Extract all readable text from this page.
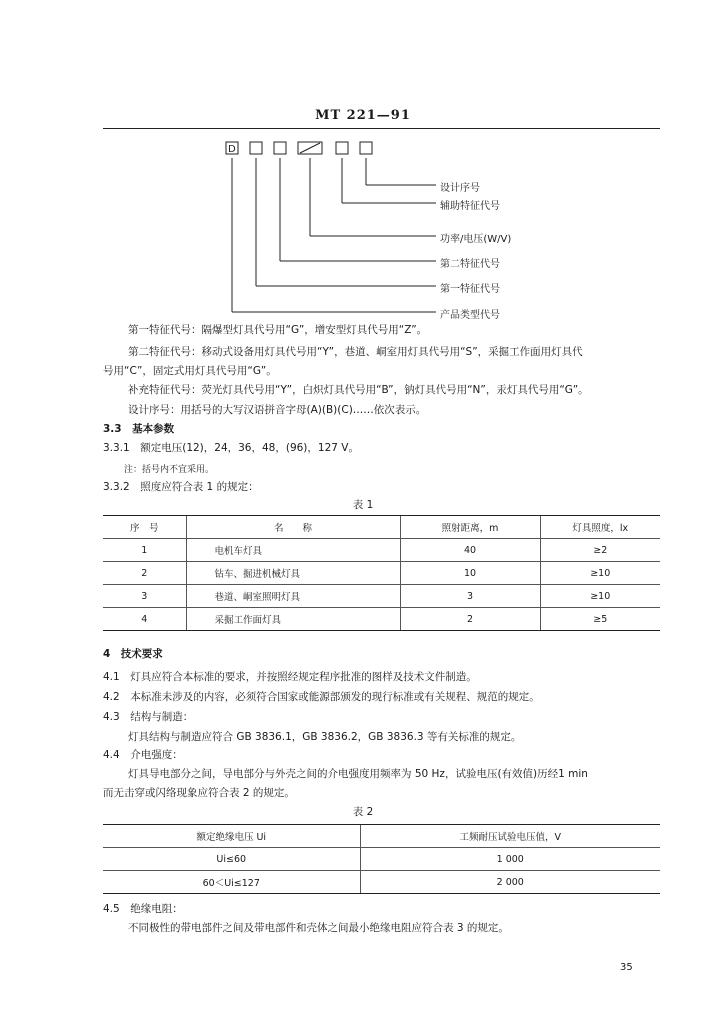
MT 221—91
D
设计序号
辅助特征代号
功率/电压(W/V)
第二特征代号
第一特征代号
产品类型代号
第一特征代号：隔爆型灯具代号用“G”，增安型灯具代号用“Z”。
第二特征代号：移动式设备用灯具代号用“Y”，巷道、峒室用灯具代号用“S”，采掘工作面用灯具代
号用“C”，固定式用灯具代号用“G”。
补充特征代号：荧光灯具代号用“Y”，白炽灯具代号用“B”，钠灯具代号用“N”，汞灯具代号用“G”。
设计序号：用括号的大写汉语拼音字母(A)(B)(C)……依次表示。
3.3　基本参数
3.3.1　额定电压(12)，24，36，48，(96)，127 V。
注：括号内不宜采用。
3.3.2　照度应符合表 1 的规定：
表 1
序　号	名　　称	照射距离，m	灯具照度，lx
1	电机车灯具	40	≥2
2	钻车、掘进机械灯具	10	≥10
3	巷道、峒室照明灯具	3	≥10
4	采掘工作面灯具	2	≥5
4　技术要求
4.1　灯具应符合本标准的要求，并按照经规定程序批准的图样及技术文件制造。
4.2　本标准未涉及的内容，必须符合国家或能源部颁发的现行标准或有关规程、规范的规定。
4.3　结构与制造：
灯具结构与制造应符合 GB 3836.1，GB 3836.2，GB 3836.3 等有关标准的规定。
4.4　介电强度：
灯具导电部分之间，导电部分与外壳之间的介电强度用频率为 50 Hz，试验电压(有效值)历经1 min
而无击穿或闪络现象应符合表 2 的规定。
表 2
额定绝缘电压 Ui	工频耐压试验电压值，V
Ui≤60	1 000
60＜Ui≤127	2 000
4.5　绝缘电阻：
不同极性的带电部件之间及带电部件和壳体之间最小绝缘电阻应符合表 3 的规定。
35
